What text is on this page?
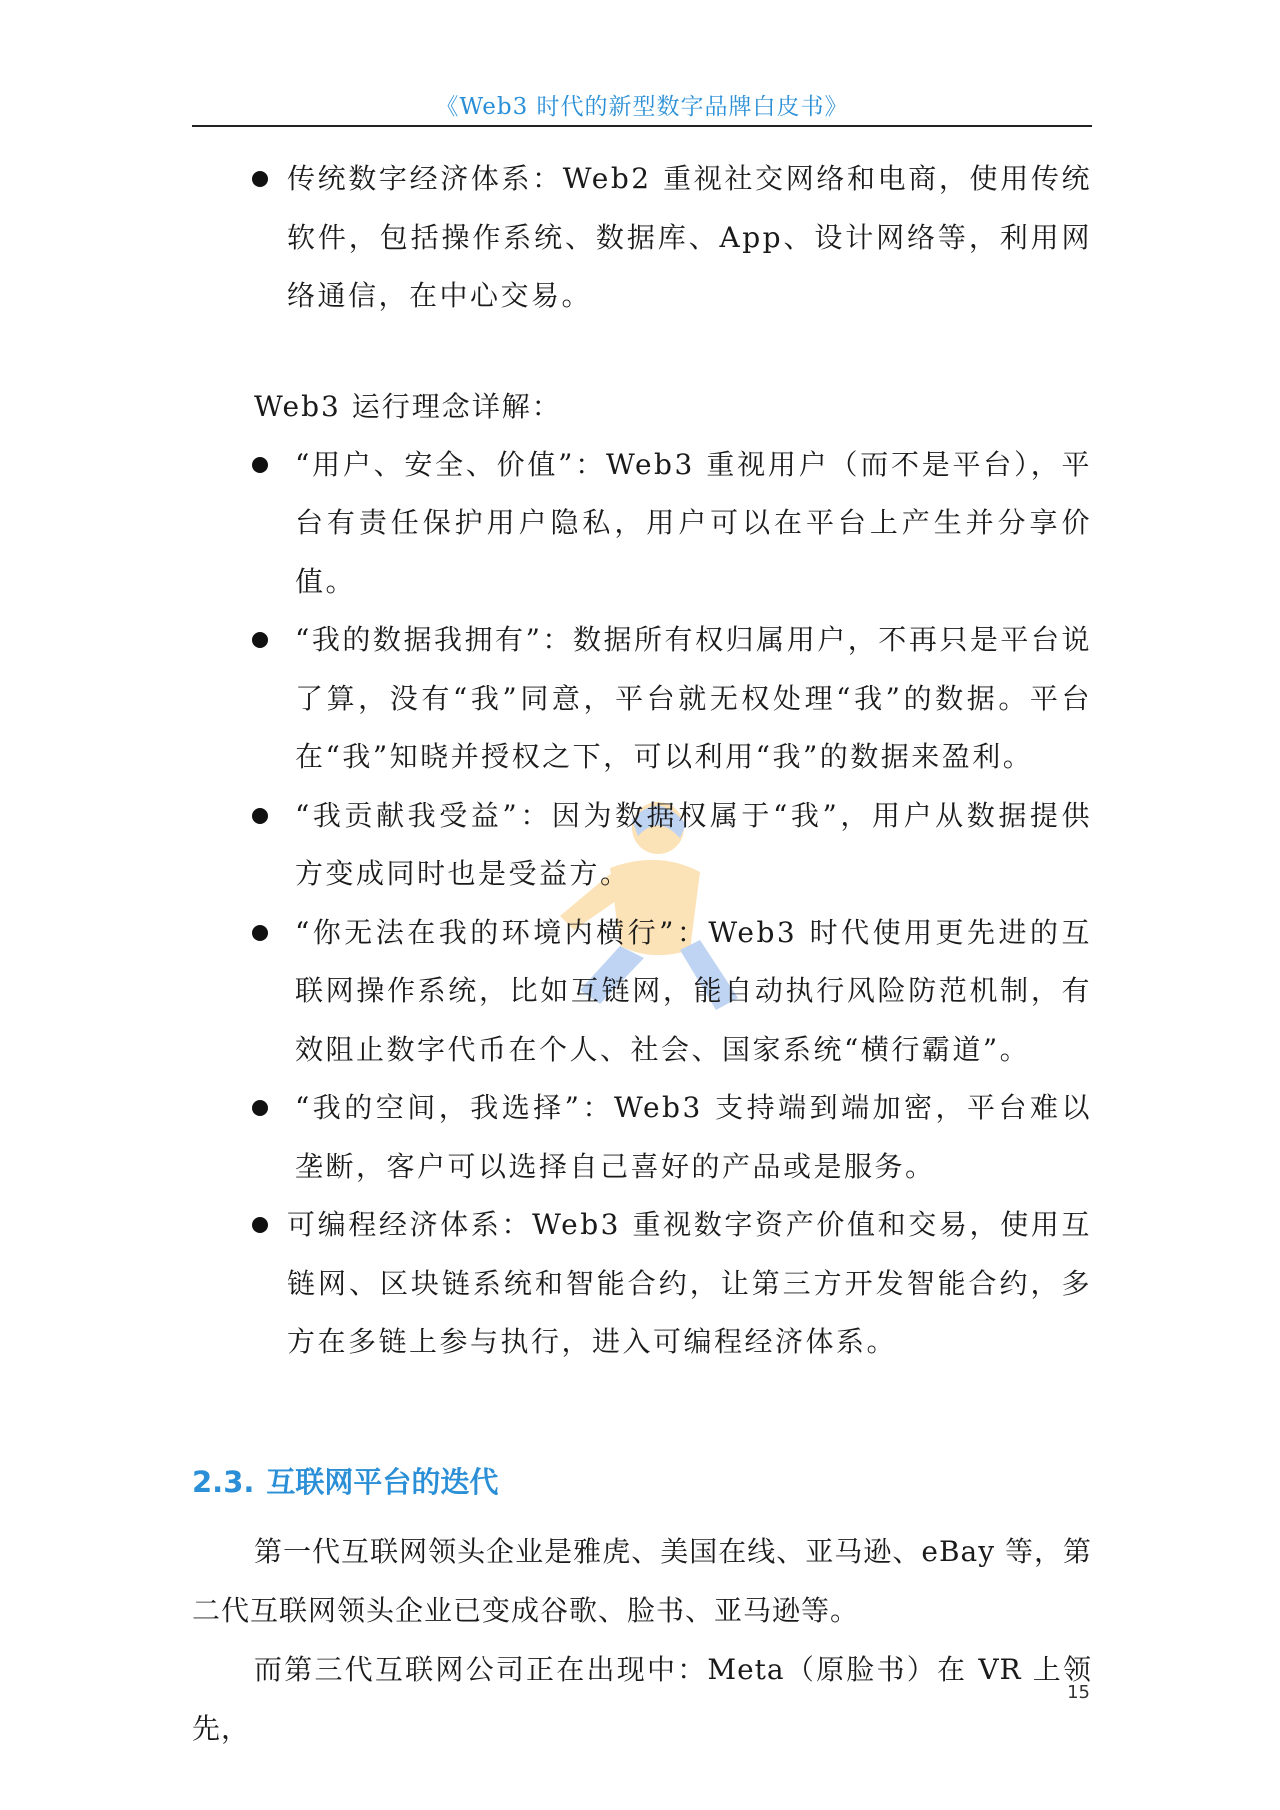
《Web3 时代的新型数字品牌白皮书》
传统数字经济体系：Web2 重视社交网络和电商，使用传统软件，包括操作系统、数据库、App、设计网络等，利用网络通信，在中心交易。
Web3 运行理念详解：
“用户、安全、价值”：Web3 重视用户（而不是平台），平台有责任保护用户隐私，用户可以在平台上产生并分享价值。
“我的数据我拥有”：数据所有权归属用户，不再只是平台说了算，没有“我”同意，平台就无权处理“我”的数据。平台在“我”知晓并授权之下，可以利用“我”的数据来盈利。
“我贡献我受益”：因为数据权属于“我”，用户从数据提供方变成同时也是受益方。
“你无法在我的环境内横行”：Web3 时代使用更先进的互联网操作系统，比如互链网，能自动执行风险防范机制，有效阻止数字代币在个人、社会、国家系统“横行霸道”。
“我的空间，我选择”：Web3 支持端到端加密，平台难以垄断，客户可以选择自己喜好的产品或是服务。
可编程经济体系：Web3 重视数字资产价值和交易，使用互链网、区块链系统和智能合约，让第三方开发智能合约，多方在多链上参与执行，进入可编程经济体系。
2.3. 互联网平台的迭代
第一代互联网领头企业是雅虎、美国在线、亚马逊、eBay 等，第二代互联网领头企业已变成谷歌、脸书、亚马逊等。
而第三代互联网公司正在出现中：Meta（原脸书）在 VR 上领先，
15
